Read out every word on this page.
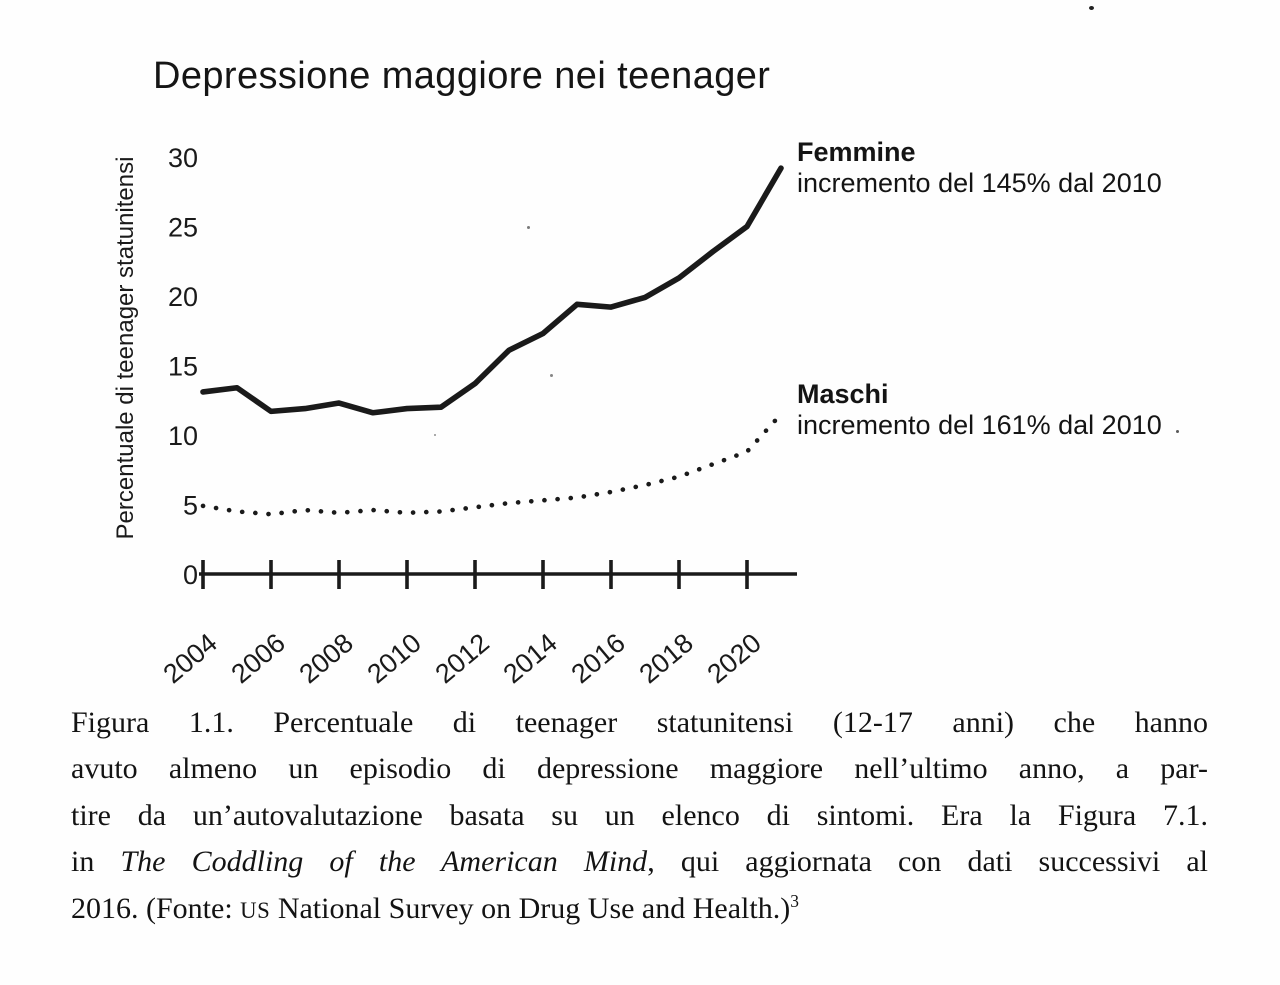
Depressione maggiore nei teenager
Percentuale di teenager statunitensi
2004 2006 2008 2010 2012 2014 2016 2018 2020
0
5
10
15
20
25
30	Femmine
incremento del 145% dal 2010
Maschi
incremento del 161% dal 2010
Figura 1.1. Percentuale di teenager statunitensi (12-17 anni) che hanno
avuto almeno un episodio di depressione maggiore nell’ultimo anno, a par-
tire da un’autovalutazione basata su un elenco di sintomi. Era la Figura 7.1.
in The Coddling of the American Mind, qui aggiornata con dati successivi al
2016. (Fonte: US National Survey on Drug Use and Health.)$^3$
